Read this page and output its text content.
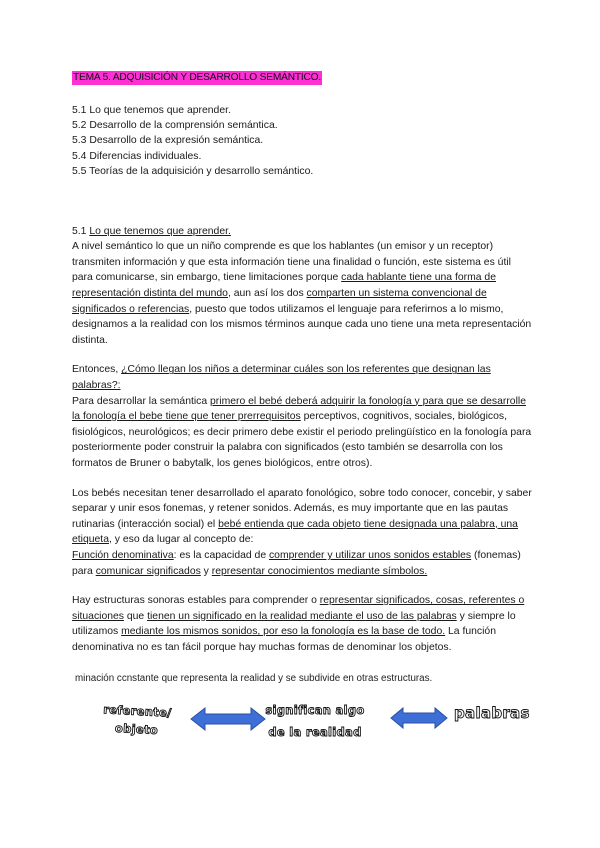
TEMA 5. ADQUISICIÓN Y DESARROLLO SEMÁNTICO.
5.1 Lo que tenemos que aprender.
5.2 Desarrollo de la comprensión semántica.
5.3 Desarrollo de la expresión semántica.
5.4 Diferencias individuales.
5.5 Teorías de la adquisición y desarrollo semántico.
5.1 Lo que tenemos que aprender.

A nivel semántico lo que un niño comprende es que los hablantes (un emisor y un receptor) transmiten información y que esta información tiene una finalidad o función, este sistema es útil para comunicarse, sin embargo, tiene limitaciones porque cada hablante tiene una forma de representación distinta del mundo, aun así los dos comparten un sistema convencional de significados o referencias, puesto que todos utilizamos el lenguaje para referirnos a lo mismo, designamos a la realidad con los mismos términos aunque cada uno tiene una meta representación distinta.

Entonces, ¿Cómo llegan los niños a determinar cuáles son los referentes que designan las palabras?:
Para desarrollar la semántica primero el bebé deberá adquirir la fonología y para que se desarrolle la fonología el bebe tiene que tener prerrequisitos perceptivos, cognitivos, sociales, biológicos, fisiológicos, neurológicos; es decir primero debe existir el periodo prelingüístico en la fonología para posteriormente poder construir la palabra con significados (esto también se desarrolla con los formatos de Bruner o babytalk, los genes biológicos, entre otros).

Los bebés necesitan tener desarrollado el aparato fonológico, sobre todo conocer, concebir, y saber separar y unir esos fonemas, y retener sonidos. Además, es muy importante que en las pautas rutinarias (interacción social) el bebé entienda que cada objeto tiene designada una palabra, una etiqueta, y eso da lugar al concepto de:
Función denominativa: es la capacidad de comprender y utilizar unos sonidos estables (fonemas) para comunicar significados y representar conocimientos mediante símbolos.

Hay estructuras sonoras estables para comprender o representar significados, cosas, referentes o situaciones que tienen un significado en la realidad mediante el uso de las palabras y siempre lo utilizamos mediante los mismos sonidos, por eso la fonología es la base de todo. La función denominativa no es tan fácil porque hay muchas formas de denominar los objetos.

minación ccnstante que representa la realidad y se subdivide en otras estructuras.
referente/
objeto
significan algo
de la realidad
palabras
